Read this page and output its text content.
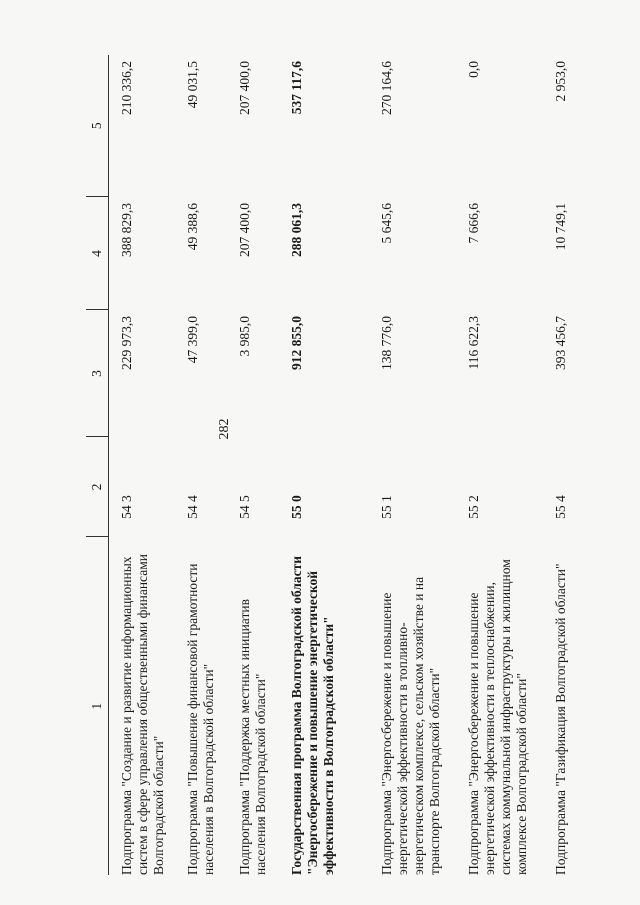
282
1	2	3	4	5
Подпрограмма "Создание и развитие информационных систем в сфере управления общественными финансами Волгоградской области"	54 3	229 973,3	388 829,3	210 336,2
Подпрограмма "Повышение финансовой грамотности населения в Волгоградской области"	54 4	47 399,0	49 388,6	49 031,5
Подпрограмма "Поддержка местных инициатив населения Волгоградской области"	54 5	3 985,0	207 400,0	207 400,0
Государственная программа Волгоградской области "Энергосбережение и повышение энергетической эффективности в Волгоградской области"	55 0	912 855,0	288 061,3	537 117,6
Подпрограмма "Энергосбережение и повышение энергетической эффективности в топливно-энергетическом комплексе, сельском хозяйстве и на транспорте Волгоградской области"	55 1	138 776,0	5 645,6	270 164,6
Подпрограмма "Энергосбережение и повышение энергетической эффективности в теплоснабжении, системах коммунальной инфраструктуры и жилищном комплексе Волгоградской области"	55 2	116 622,3	7 666,6	0,0
Подпрограмма "Газификация Волгоградской области"	55 4	393 456,7	10 749,1	2 953,0
